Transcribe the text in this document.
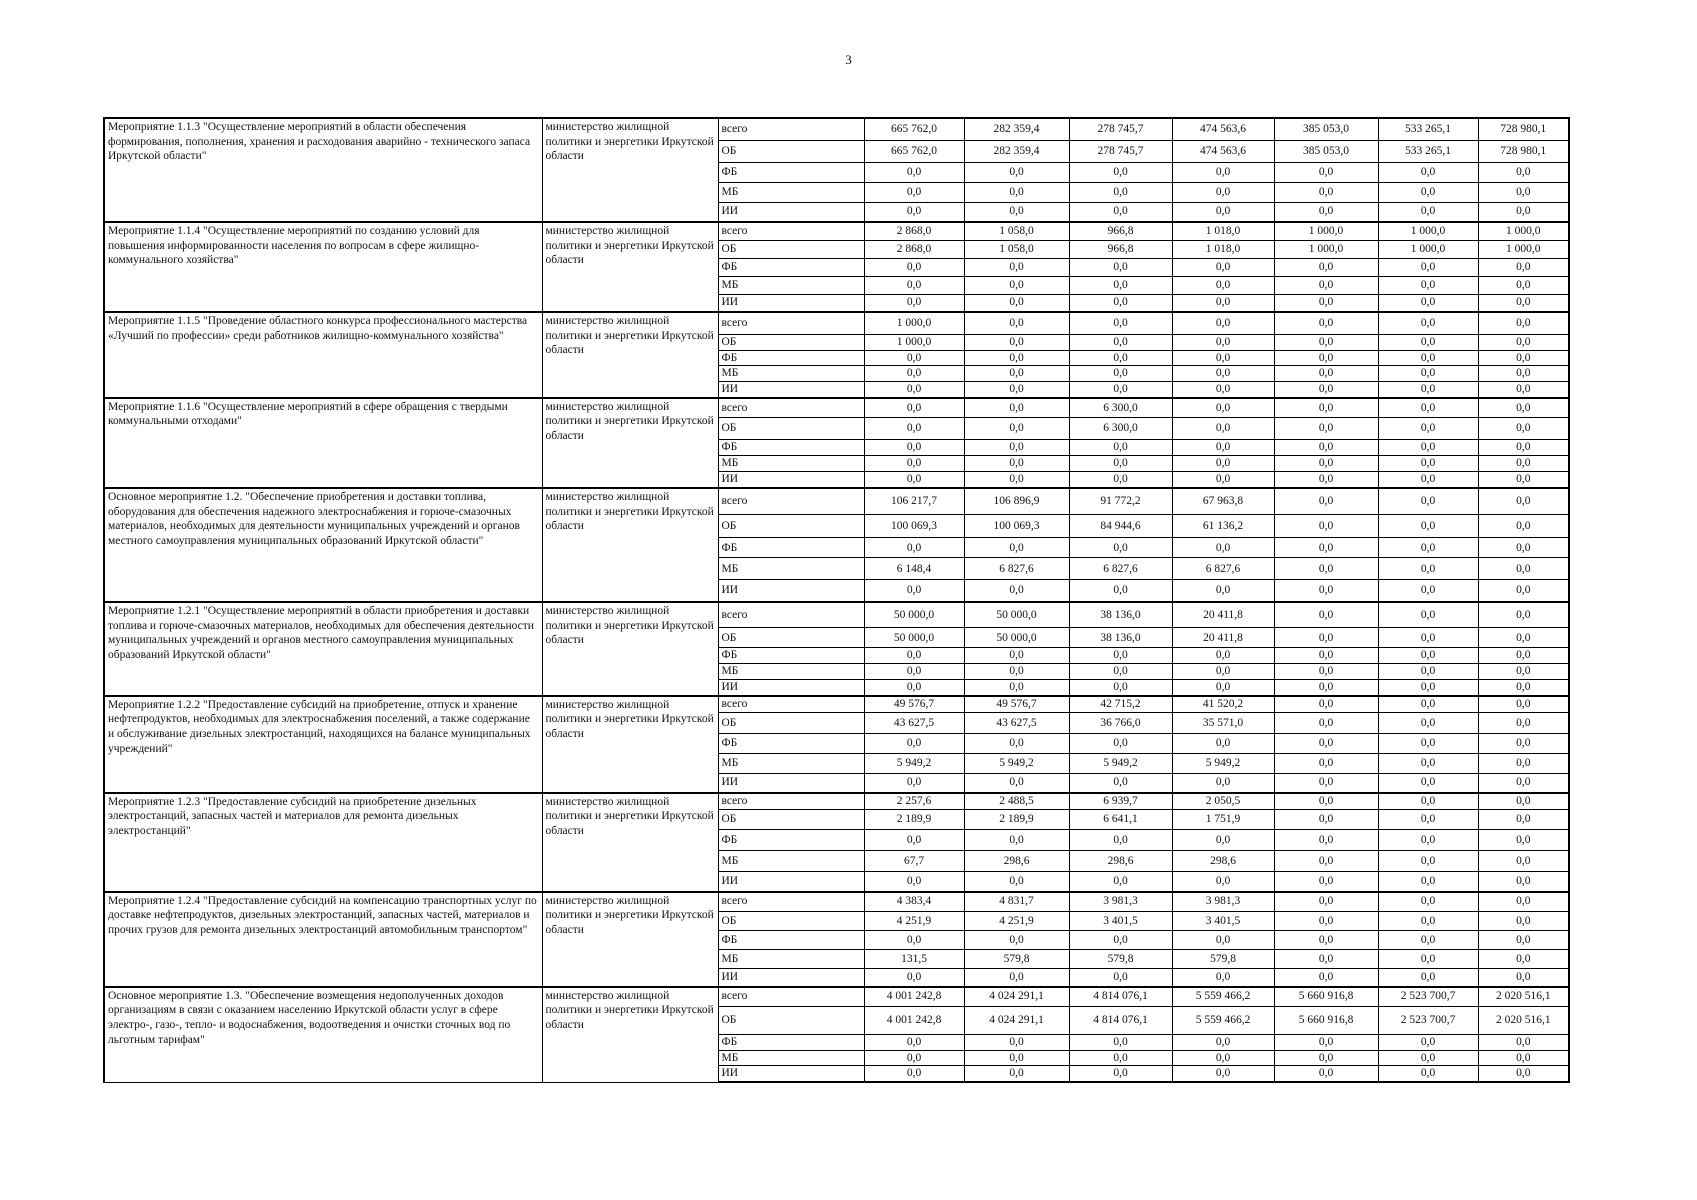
3
Мероприятие 1.1.3 "Осуществление мероприятий в области обеспечения формирования, пополнения, хранения и расходования аварийно - технического запаса Иркутской области"	министерство жилищной политики и энергетики Иркутской области	всего	665 762,0	282 359,4	278 745,7	474 563,6	385 053,0	533 265,1	728 980,1
		ОБ	665 762,0	282 359,4	278 745,7	474 563,6	385 053,0	533 265,1	728 980,1
		ФБ	0,0	0,0	0,0	0,0	0,0	0,0	0,0
		МБ	0,0	0,0	0,0	0,0	0,0	0,0	0,0
		ИИ	0,0	0,0	0,0	0,0	0,0	0,0	0,0
Мероприятие 1.1.4 "Осуществление мероприятий по созданию условий для повышения информированности населения по вопросам в сфере жилищно-коммунального хозяйства"	министерство жилищной политики и энергетики Иркутской области	всего	2 868,0	1 058,0	966,8	1 018,0	1 000,0	1 000,0	1 000,0
		ОБ	2 868,0	1 058,0	966,8	1 018,0	1 000,0	1 000,0	1 000,0
		ФБ	0,0	0,0	0,0	0,0	0,0	0,0	0,0
		МБ	0,0	0,0	0,0	0,0	0,0	0,0	0,0
		ИИ	0,0	0,0	0,0	0,0	0,0	0,0	0,0
Мероприятие 1.1.5 "Проведение областного конкурса профессионального мастерства «Лучший по профессии» среди работников жилищно-коммунального хозяйства"	министерство жилищной политики и энергетики Иркутской области	всего	1 000,0	0,0	0,0	0,0	0,0	0,0	0,0
		ОБ	1 000,0	0,0	0,0	0,0	0,0	0,0	0,0
		ФБ	0,0	0,0	0,0	0,0	0,0	0,0	0,0
		МБ	0,0	0,0	0,0	0,0	0,0	0,0	0,0
		ИИ	0,0	0,0	0,0	0,0	0,0	0,0	0,0
Мероприятие 1.1.6 "Осуществление мероприятий в сфере обращения с твердыми коммунальными отходами"	министерство жилищной политики и энергетики Иркутской области	всего	0,0	0,0	6 300,0	0,0	0,0	0,0	0,0
		ОБ	0,0	0,0	6 300,0	0,0	0,0	0,0	0,0
		ФБ	0,0	0,0	0,0	0,0	0,0	0,0	0,0
		МБ	0,0	0,0	0,0	0,0	0,0	0,0	0,0
		ИИ	0,0	0,0	0,0	0,0	0,0	0,0	0,0
Основное мероприятие 1.2. "Обеспечение приобретения и доставки топлива, оборудования для обеспечения надежного электроснабжения и горюче-смазочных материалов, необходимых для деятельности муниципальных учреждений и органов местного самоуправления муниципальных образований Иркутской области"	министерство жилищной политики и энергетики Иркутской области	всего	106 217,7	106 896,9	91 772,2	67 963,8	0,0	0,0	0,0
		ОБ	100 069,3	100 069,3	84 944,6	61 136,2	0,0	0,0	0,0
		ФБ	0,0	0,0	0,0	0,0	0,0	0,0	0,0
		МБ	6 148,4	6 827,6	6 827,6	6 827,6	0,0	0,0	0,0
		ИИ	0,0	0,0	0,0	0,0	0,0	0,0	0,0
Мероприятие 1.2.1 "Осуществление мероприятий в области приобретения и доставки топлива и горюче-смазочных материалов, необходимых для обеспечения деятельности муниципальных учреждений и органов местного самоуправления муниципальных образований Иркутской области"	министерство жилищной политики и энергетики Иркутской области	всего	50 000,0	50 000,0	38 136,0	20 411,8	0,0	0,0	0,0
		ОБ	50 000,0	50 000,0	38 136,0	20 411,8	0,0	0,0	0,0
		ФБ	0,0	0,0	0,0	0,0	0,0	0,0	0,0
		МБ	0,0	0,0	0,0	0,0	0,0	0,0	0,0
		ИИ	0,0	0,0	0,0	0,0	0,0	0,0	0,0
Мероприятие 1.2.2 "Предоставление субсидий на приобретение, отпуск и хранение нефтепродуктов, необходимых для электроснабжения поселений, а также содержание и обслуживание дизельных электростанций, находящихся на балансе муниципальных учреждений"	министерство жилищной политики и энергетики Иркутской области	всего	49 576,7	49 576,7	42 715,2	41 520,2	0,0	0,0	0,0
		ОБ	43 627,5	43 627,5	36 766,0	35 571,0	0,0	0,0	0,0
		ФБ	0,0	0,0	0,0	0,0	0,0	0,0	0,0
		МБ	5 949,2	5 949,2	5 949,2	5 949,2	0,0	0,0	0,0
		ИИ	0,0	0,0	0,0	0,0	0,0	0,0	0,0
Мероприятие 1.2.3 "Предоставление субсидий на приобретение дизельных электростанций, запасных частей и материалов для ремонта дизельных электростанций"	министерство жилищной политики и энергетики Иркутской области	всего	2 257,6	2 488,5	6 939,7	2 050,5	0,0	0,0	0,0
		ОБ	2 189,9	2 189,9	6 641,1	1 751,9	0,0	0,0	0,0
		ФБ	0,0	0,0	0,0	0,0	0,0	0,0	0,0
		МБ	67,7	298,6	298,6	298,6	0,0	0,0	0,0
		ИИ	0,0	0,0	0,0	0,0	0,0	0,0	0,0
Мероприятие 1.2.4 "Предоставление субсидий на компенсацию транспортных услуг по доставке нефтепродуктов, дизельных электростанций, запасных частей, материалов и прочих грузов для ремонта дизельных электростанций автомобильным транспортом"	министерство жилищной политики и энергетики Иркутской области	всего	4 383,4	4 831,7	3 981,3	3 981,3	0,0	0,0	0,0
		ОБ	4 251,9	4 251,9	3 401,5	3 401,5	0,0	0,0	0,0
		ФБ	0,0	0,0	0,0	0,0	0,0	0,0	0,0
		МБ	131,5	579,8	579,8	579,8	0,0	0,0	0,0
		ИИ	0,0	0,0	0,0	0,0	0,0	0,0	0,0
Основное мероприятие 1.3. "Обеспечение возмещения недополученных доходов организациям в связи с оказанием населению Иркутской области услуг в сфере электро-, газо-, тепло- и водоснабжения, водоотведения и очистки сточных вод по льготным тарифам"	министерство жилищной политики и энергетики Иркутской области	всего	4 001 242,8	4 024 291,1	4 814 076,1	5 559 466,2	5 660 916,8	2 523 700,7	2 020 516,1
		ОБ	4 001 242,8	4 024 291,1	4 814 076,1	5 559 466,2	5 660 916,8	2 523 700,7	2 020 516,1
		ФБ	0,0	0,0	0,0	0,0	0,0	0,0	0,0
		МБ	0,0	0,0	0,0	0,0	0,0	0,0	0,0
		ИИ	0,0	0,0	0,0	0,0	0,0	0,0	0,0
